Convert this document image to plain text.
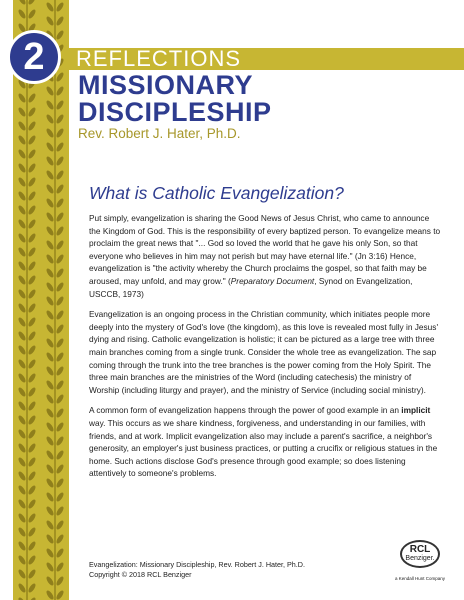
2 REFLECTIONS
MISSIONARY
DISCIPLESHIP
Rev. Robert J. Hater, Ph.D.
What is Catholic Evangelization?

Put simply, evangelization is sharing the Good News of Jesus Christ, who came to announce the Kingdom of God. This is the responsibility of every baptized person. To evangelize means to proclaim the great news that "... God so loved the world that he gave his only Son, so that everyone who believes in him may not perish but may have eternal life." (Jn 3:16) Hence, evangelization is "the activity whereby the Church proclaims the gospel, so that faith may be aroused, may unfold, and may grow." (Preparatory Document, Synod on Evangelization, USCCB, 1973)

Evangelization is an ongoing process in the Christian community, which initiates people more deeply into the mystery of God's love (the kingdom), as this love is revealed most fully in Jesus' dying and rising. Catholic evangelization is holistic; it can be pictured as a large tree with three main branches coming from a single trunk. Consider the whole tree as evangelization. The sap coming through the trunk into the tree branches is the power coming from the Holy Spirit. The three main branches are the ministries of the Word (including catechesis) the ministry of Worship (including liturgy and prayer), and the ministry of Service (including social ministry).

A common form of evangelization happens through the power of good example in an implicit way. This occurs as we share kindness, forgiveness, and understanding in our families, with friends, and at work. Implicit evangelization also may include a parent's sacrifice, a neighbor's generosity, an employer's just business practices, or putting a crucifix or religious statues in the home. Such actions disclose God's presence through good example; so does listening attentively to someone's problems.

Evangelization: Missionary Discipleship, Rev. Robert J. Hater, Ph.D.
Copyright © 2018 RCL Benziger
RCL
Benziger.
a Kendall Hunt Company
